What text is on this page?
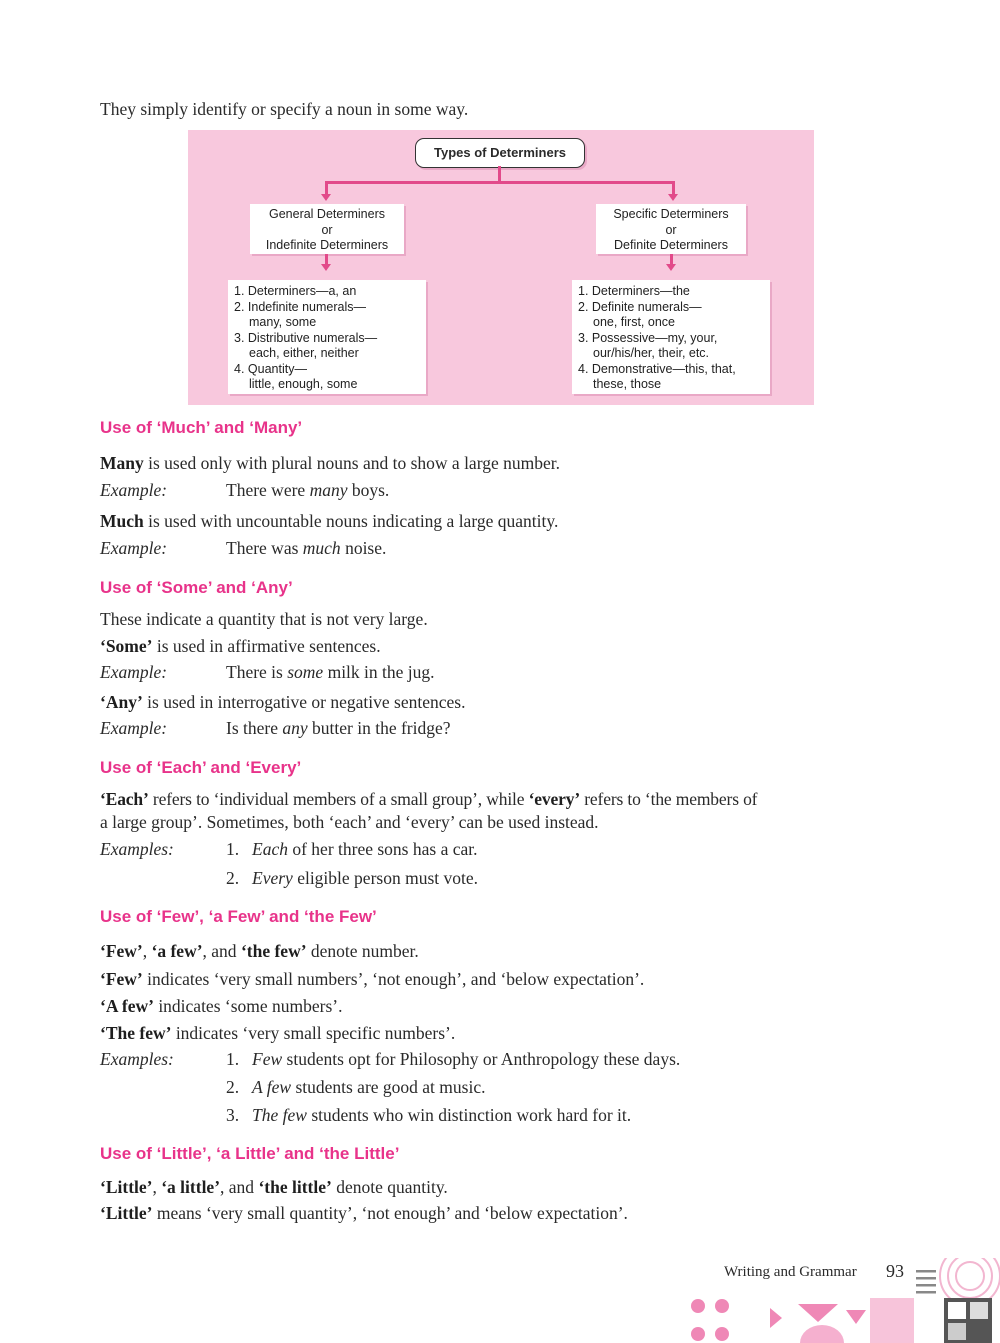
They simply identify or specify a noun in some way.
Types of Determiners
General Determiners
or
Indefinite Determiners
Specific Determiners
or
Definite Determiners
1. Determiners—a, an
2. Indefinite numerals—
many, some
3. Distributive numerals—
each, either, neither
4. Quantity—
little, enough, some
1. Determiners—the
2. Definite numerals—
one, first, once
3. Possessive—my, your,
our/his/her, their, etc.
4. Demonstrative—this, that,
these, those
Use of ‘Much’ and ‘Many’
Many is used only with plural nouns and to show a large number.
Example:	There were many boys.
Much is used with uncountable nouns indicating a large quantity.
Example:	There was much noise.
Use of ‘Some’ and ‘Any’
These indicate a quantity that is not very large.
‘Some’ is used in affirmative sentences.
Example:	There is some milk in the jug.
‘Any’ is used in interrogative or negative sentences.
Example:	Is there any butter in the fridge?
Use of ‘Each’ and ‘Every’
‘Each’ refers to ‘individual members of a small group’, while ‘every’ refers to ‘the members of
a large group’. Sometimes, both ‘each’ and ‘every’ can be used instead.
Examples:	1. Each of her three sons has a car.
2. Every eligible person must vote.
Use of ‘Few’, ‘a Few’ and ‘the Few’
‘Few’, ‘a few’, and ‘the few’ denote number.
‘Few’ indicates ‘very small numbers’, ‘not enough’, and ‘below expectation’.
‘A few’ indicates ‘some numbers’.
‘The few’ indicates ‘very small specific numbers’.
Examples:	1. Few students opt for Philosophy or Anthropology these days.
2. A few students are good at music.
3. The few students who win distinction work hard for it.
Use of ‘Little’, ‘a Little’ and ‘the Little’
‘Little’, ‘a little’, and ‘the little’ denote quantity.
‘Little’ means ‘very small quantity’, ‘not enough’ and ‘below expectation’.
Writing and Grammar 93
